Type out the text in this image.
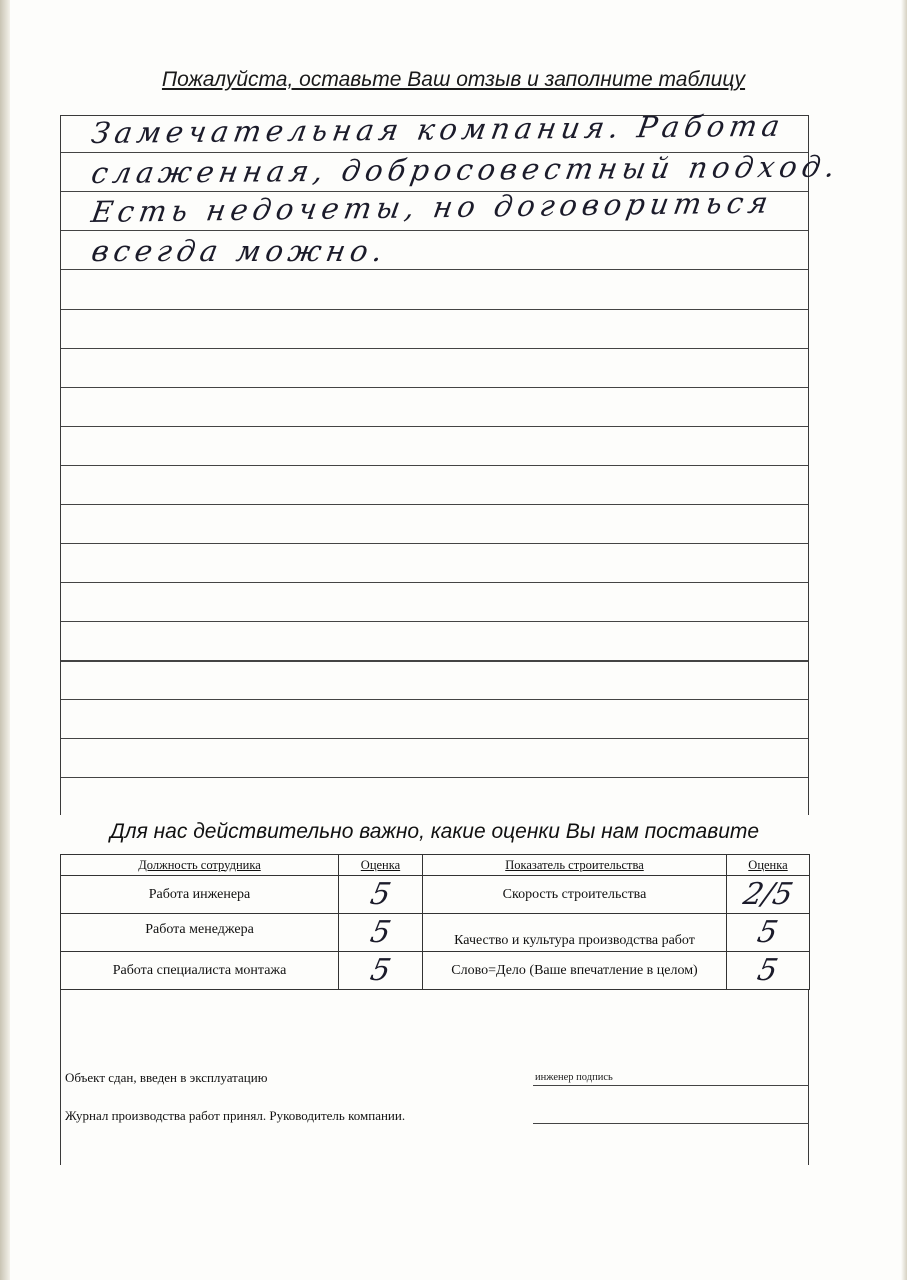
Пожалуйста, оставьте Ваш отзыв и заполните таблицу
Замечательная компания. Работа
слаженная, добросовестный подход.
Есть недочеты, но договориться
всегда можно.
Для нас действительно важно, какие оценки Вы нам поставите
Должность сотрудника	Оценка	Показатель строительства	Оценка
Работа инженера	5	Скорость строительства	2/5

Работа менеджера	5	Качество и культура производства работ	5
Работа специалиста монтажа	5	Слово=Дело (Ваше впечатление в целом)	5
Объект сдан, введен в эксплуатацию	инженер подпись
Журнал производства работ принял. Руководитель компании.
